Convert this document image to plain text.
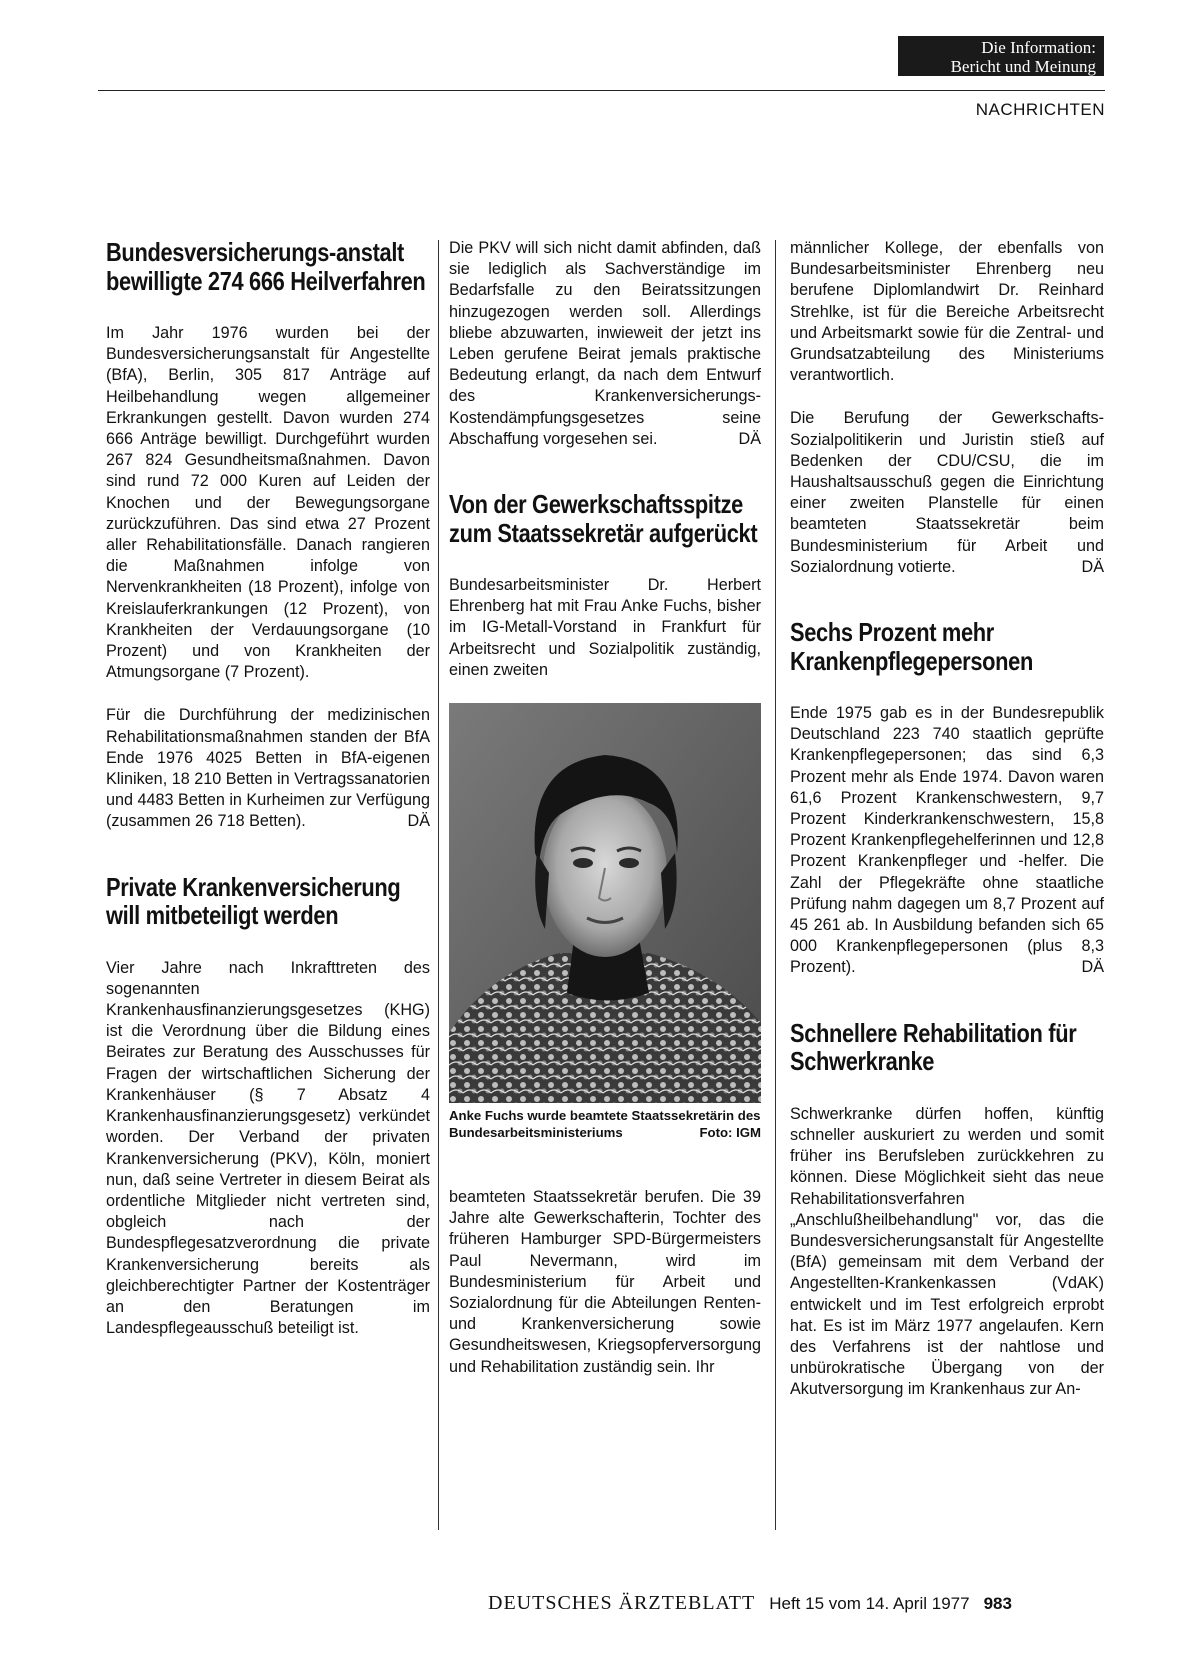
Die Information:
Bericht und Meinung
NACHRICHTEN
Bundesversicherungs-anstalt bewilligte 274 666 Heilverfahren

Im Jahr 1976 wurden bei der Bundesversicherungsanstalt für Angestellte (BfA), Berlin, 305 817 Anträge auf Heilbehandlung wegen allgemeiner Erkrankungen gestellt. Davon wurden 274 666 Anträge bewilligt. Durchgeführt wurden 267 824 Gesundheitsmaßnahmen. Davon sind rund 72 000 Kuren auf Leiden der Knochen und der Bewegungsorgane zurückzuführen. Das sind etwa 27 Prozent aller Rehabilitationsfälle. Danach rangieren die Maßnahmen infolge von Nervenkrankheiten (18 Prozent), infolge von Kreislauferkrankungen (12 Prozent), von Krankheiten der Verdauungsorgane (10 Prozent) und von Krankheiten der Atmungsorgane (7 Prozent).

Für die Durchführung der medizinischen Rehabilitationsmaßnahmen standen der BfA Ende 1976 4025 Betten in BfA-eigenen Kliniken, 18 210 Betten in Vertragssanatorien und 4483 Betten in Kurheimen zur Verfügung (zusammen 26 718 Betten).	DÄ

Private Krankenversicherung will mitbeteiligt werden

Vier Jahre nach Inkrafttreten des sogenannten Krankenhausfinanzierungsgesetzes (KHG) ist die Verordnung über die Bildung eines Beirates zur Beratung des Ausschusses für Fragen der wirtschaftlichen Sicherung der Krankenhäuser (§ 7 Absatz 4 Krankenhausfinanzierungsgesetz) verkündet worden. Der Verband der privaten Krankenversicherung (PKV), Köln, moniert nun, daß seine Vertreter in diesem Beirat als ordentliche Mitglieder nicht vertreten sind, obgleich nach der Bundespflegesatzverordnung die private Krankenversicherung bereits als gleichberechtigter Partner der Kostenträger an den Beratungen im Landespflegeausschuß beteiligt ist.

Die PKV will sich nicht damit abfinden, daß sie lediglich als Sachverständige im Bedarfsfalle zu den Beiratssitzungen hinzugezogen werden soll. Allerdings bliebe abzuwarten, inwieweit der jetzt ins Leben gerufene Beirat jemals praktische Bedeutung erlangt, da nach dem Entwurf des Krankenversicherungs-Kostendämpfungsgesetzes seine Abschaffung vorgesehen sei.	DÄ

Von der Gewerkschaftsspitze zum Staatssekretär aufgerückt

Bundesarbeitsminister Dr. Herbert Ehrenberg hat mit Frau Anke Fuchs, bisher im IG-Metall-Vorstand in Frankfurt für Arbeitsrecht und Sozialpolitik zuständig, einen zweiten

Anke Fuchs wurde beamtete Staatssekretärin des Bundesarbeitsministeriums	Foto: IGM

beamteten Staatssekretär berufen. Die 39 Jahre alte Gewerkschafterin, Tochter des früheren Hamburger SPD-Bürgermeisters Paul Nevermann, wird im Bundesministerium für Arbeit und Sozialordnung für die Abteilungen Renten- und Krankenversicherung sowie Gesundheitswesen, Kriegsopferversorgung und Rehabilitation zuständig sein. Ihr

männlicher Kollege, der ebenfalls von Bundesarbeitsminister Ehrenberg neu berufene Diplomlandwirt Dr. Reinhard Strehlke, ist für die Bereiche Arbeitsrecht und Arbeitsmarkt sowie für die Zentral- und Grundsatzabteilung des Ministeriums verantwortlich.

Die Berufung der Gewerkschafts-Sozialpolitikerin und Juristin stieß auf Bedenken der CDU/CSU, die im Haushaltsausschuß gegen die Einrichtung einer zweiten Planstelle für einen beamteten Staatssekretär beim Bundesministerium für Arbeit und Sozialordnung votierte.	DÄ

Sechs Prozent mehr Krankenpflegepersonen

Ende 1975 gab es in der Bundesrepublik Deutschland 223 740 staatlich geprüfte Krankenpflegepersonen; das sind 6,3 Prozent mehr als Ende 1974. Davon waren 61,6 Prozent Krankenschwestern, 9,7 Prozent Kinderkrankenschwestern, 15,8 Prozent Krankenpflegehelferinnen und 12,8 Prozent Krankenpfleger und -helfer. Die Zahl der Pflegekräfte ohne staatliche Prüfung nahm dagegen um 8,7 Prozent auf 45 261 ab. In Ausbildung befanden sich 65 000 Krankenpflegepersonen (plus 8,3 Prozent).	DÄ

Schnellere Rehabilitation für Schwerkranke

Schwerkranke dürfen hoffen, künftig schneller auskuriert zu werden und somit früher ins Berufsleben zurückkehren zu können. Diese Möglichkeit sieht das neue Rehabilitationsverfahren „Anschlußheilbehandlung" vor, das die Bundesversicherungsanstalt für Angestellte (BfA) gemeinsam mit dem Verband der Angestellten-Krankenkassen (VdAK) entwickelt und im Test erfolgreich erprobt hat. Es ist im März 1977 angelaufen. Kern des Verfahrens ist der nahtlose und unbürokratische Übergang von der Akutversorgung im Krankenhaus zur An-

DEUTSCHES ÄRZTEBLATT Heft 15 vom 14. April 1977 983
